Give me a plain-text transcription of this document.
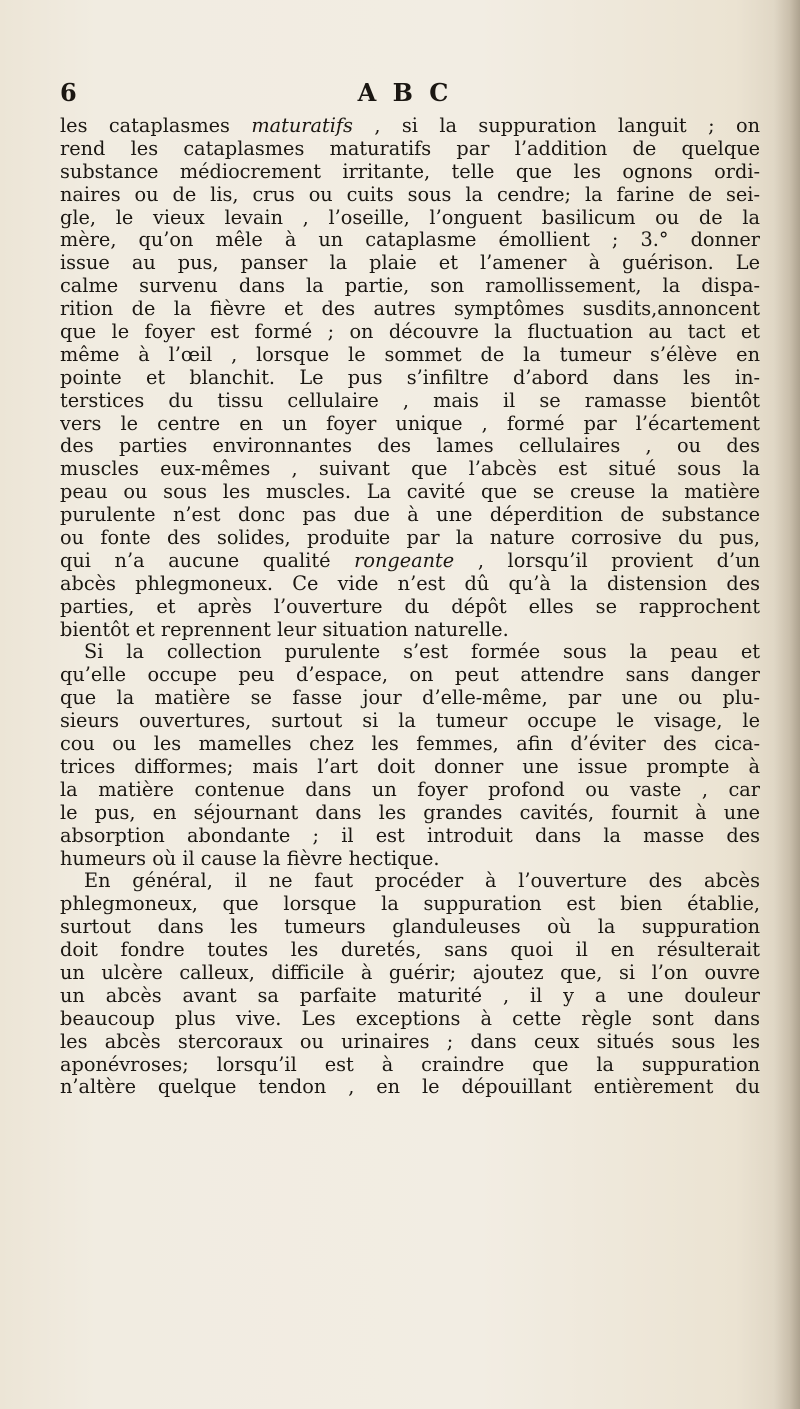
6	A B C
les cataplasmes maturatifs , si la suppuration languit ; on
rend les cataplasmes maturatifs par l’addition de quelque
substance médiocrement irritante, telle que les ognons ordi-
naires ou de lis, crus ou cuits sous la cendre; la farine de sei-
gle, le vieux levain , l’oseille, l’onguent basilicum ou de la
mère, qu’on mêle à un cataplasme émollient ; 3.° donner
issue au pus, panser la plaie et l’amener à guérison. Le
calme survenu dans la partie, son ramollissement, la dispa-
rition de la fièvre et des autres symptômes susdits,annoncent
que le foyer est formé ; on découvre la fluctuation au tact et
même à l’œil , lorsque le sommet de la tumeur s’élève en
pointe et blanchit. Le pus s’infiltre d’abord dans les in-
terstices du tissu cellulaire , mais il se ramasse bientôt
vers le centre en un foyer unique , formé par l’écartement
des parties environnantes des lames cellulaires , ou des
muscles eux-mêmes , suivant que l’abcès est situé sous la
peau ou sous les muscles. La cavité que se creuse la matière
purulente n’est donc pas due à une déperdition de substance
ou fonte des solides, produite par la nature corrosive du pus,
qui n’a aucune qualité rongeante , lorsqu’il provient d’un
abcès phlegmoneux. Ce vide n’est dû qu’à la distension des
parties, et après l’ouverture du dépôt elles se rapprochent
bientôt et reprennent leur situation naturelle.
Si la collection purulente s’est formée sous la peau et
qu’elle occupe peu d’espace, on peut attendre sans danger
que la matière se fasse jour d’elle-même, par une ou plu-
sieurs ouvertures, surtout si la tumeur occupe le visage, le
cou ou les mamelles chez les femmes, afin d’éviter des cica-
trices difformes; mais l’art doit donner une issue prompte à
la matière contenue dans un foyer profond ou vaste , car
le pus, en séjournant dans les grandes cavités, fournit à une
absorption abondante ; il est introduit dans la masse des
humeurs où il cause la fièvre hectique.
En général, il ne faut procéder à l’ouverture des abcès
phlegmoneux, que lorsque la suppuration est bien établie,
surtout dans les tumeurs glanduleuses où la suppuration
doit fondre toutes les duretés, sans quoi il en résulterait
un ulcère calleux, difficile à guérir; ajoutez que, si l’on ouvre
un abcès avant sa parfaite maturité , il y a une douleur
beaucoup plus vive. Les exceptions à cette règle sont dans
les abcès stercoraux ou urinaires ; dans ceux situés sous les
aponévroses; lorsqu’il est à craindre que la suppuration
n’altère quelque tendon , en le dépouillant entièrement du
